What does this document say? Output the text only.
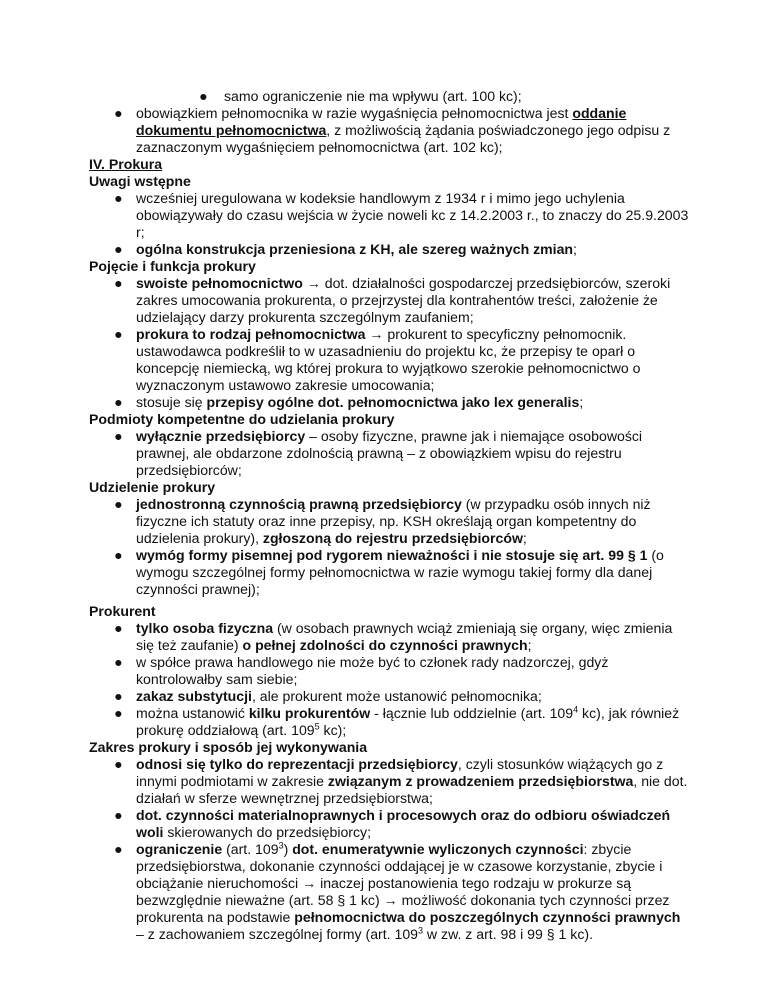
● samo ograniczenie nie ma wpływu (art. 100 kc);
● obowiązkiem pełnomocnika w razie wygaśnięcia pełnomocnictwa jest oddanie
dokumentu pełnomocnictwa, z możliwością żądania poświadczonego jego odpisu z
zaznaczonym wygaśnięciem pełnomocnictwa (art. 102 kc);
IV. Prokura
Uwagi wstępne
● wcześniej uregulowana w kodeksie handlowym z 1934 r i mimo jego uchylenia
obowiązywały do czasu wejścia w życie noweli kc z 14.2.2003 r., to znaczy do 25.9.2003
r;
● ogólna konstrukcja przeniesiona z KH, ale szereg ważnych zmian;
Pojęcie i funkcja prokury
● swoiste pełnomocnictwo → dot. działalności gospodarczej przedsiębiorców, szeroki
zakres umocowania prokurenta, o przejrzystej dla kontrahentów treści, założenie że
udzielający darzy prokurenta szczególnym zaufaniem;
● prokura to rodzaj pełnomocnictwa → prokurent to specyficzny pełnomocnik.
ustawodawca podkreślił to w uzasadnieniu do projektu kc, że przepisy te oparł o
koncepcję niemiecką, wg której prokura to wyjątkowo szerokie pełnomocnictwo o
wyznaczonym ustawowo zakresie umocowania;
● stosuje się przepisy ogólne dot. pełnomocnictwa jako lex generalis;
Podmioty kompetentne do udzielania prokury
● wyłącznie przedsiębiorcy – osoby fizyczne, prawne jak i niemające osobowości
prawnej, ale obdarzone zdolnością prawną – z obowiązkiem wpisu do rejestru
przedsiębiorców;
Udzielenie prokury
● jednostronną czynnością prawną przedsiębiorcy (w przypadku osób innych niż
fizyczne ich statuty oraz inne przepisy, np. KSH określają organ kompetentny do
udzielenia prokury), zgłoszoną do rejestru przedsiębiorców;
● wymóg formy pisemnej pod rygorem nieważności i nie stosuje się art. 99 § 1 (o
wymogu szczególnej formy pełnomocnictwa w razie wymogu takiej formy dla danej
czynności prawnej);
Prokurent
● tylko osoba fizyczna (w osobach prawnych wciąż zmieniają się organy, więc zmienia
się też zaufanie) o pełnej zdolności do czynności prawnych;
● w spółce prawa handlowego nie może być to członek rady nadzorczej, gdyż
kontrolowałby sam siebie;
● zakaz substytucji, ale prokurent może ustanowić pełnomocnika;
● można ustanowić kilku prokurentów - łącznie lub oddzielnie (art. $109^4$ kc), jak również
prokurę oddziałową (art. $109^5$ kc);
Zakres prokury i sposób jej wykonywania
● odnosi się tylko do reprezentacji przedsiębiorcy, czyli stosunków wiążących go z
innymi podmiotami w zakresie związanym z prowadzeniem przedsiębiorstwa, nie dot.
działań w sferze wewnętrznej przedsiębiorstwa;
● dot. czynności materialnoprawnych i procesowych oraz do odbioru oświadczeń
woli skierowanych do przedsiębiorcy;
● ograniczenie (art. $109^3$) dot. enumeratywnie wyliczonych czynności: zbycie
przedsiębiorstwa, dokonanie czynności oddającej je w czasowe korzystanie, zbycie i
obciążanie nieruchomości → inaczej postanowienia tego rodzaju w prokurze są
bezwzględnie nieważne (art. 58 § 1 kc) → możliwość dokonania tych czynności przez
prokurenta na podstawie pełnomocnictwa do poszczególnych czynności prawnych
– z zachowaniem szczególnej formy (art. $109^3$ w zw. z art. 98 i 99 § 1 kc).
